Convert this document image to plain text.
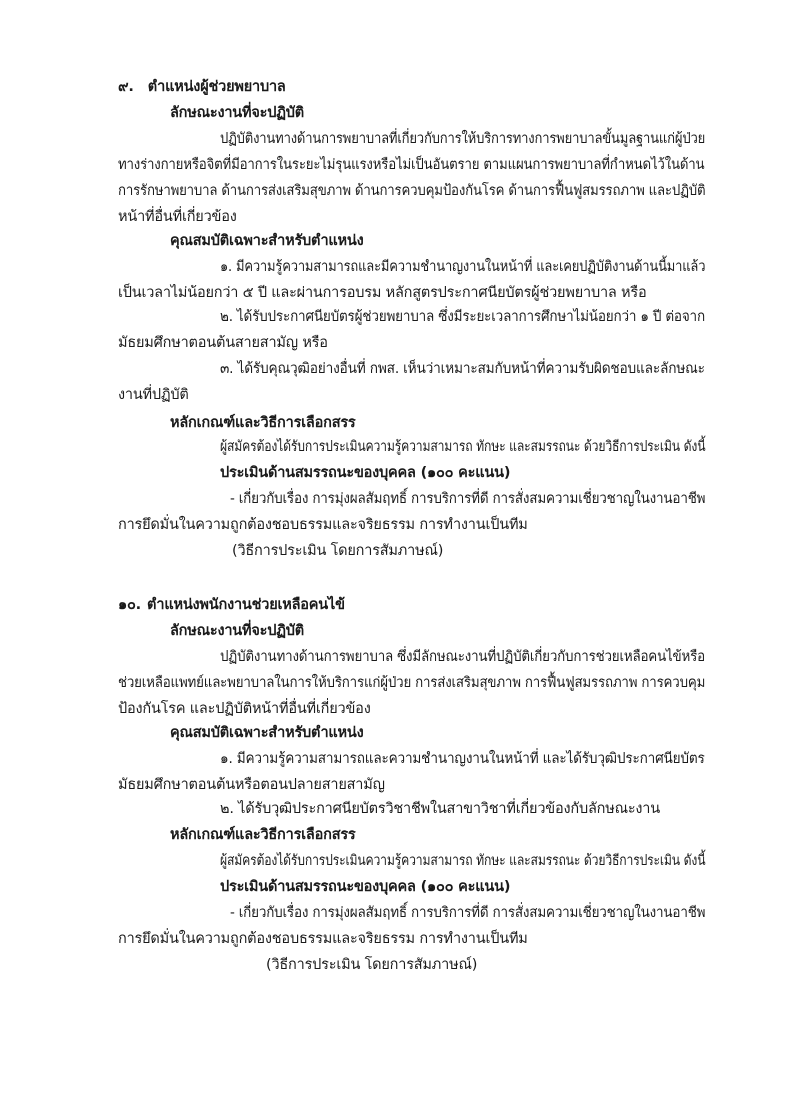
๙. ตำแหน่งผู้ช่วยพยาบาล
ลักษณะงานที่จะปฏิบัติ
ปฏิบัติงานทางด้านการพยาบาลที่เกี่ยวกับการให้บริการทางการพยาบาลขั้นมูลฐานแก่ผู้ป่วย
ทางร่างกายหรือจิตที่มีอาการในระยะไม่รุนแรงหรือไม่เป็นอันตราย ตามแผนการพยาบาลที่กำหนดไว้ในด้าน
การรักษาพยาบาล ด้านการส่งเสริมสุขภาพ ด้านการควบคุมป้องกันโรค ด้านการฟื้นฟูสมรรถภาพ และปฏิบัติ
หน้าที่อื่นที่เกี่ยวข้อง
คุณสมบัติเฉพาะสำหรับตำแหน่ง
๑. มีความรู้ความสามารถและมีความชำนาญงานในหน้าที่ และเคยปฏิบัติงานด้านนี้มาแล้ว
เป็นเวลาไม่น้อยกว่า ๕ ปี และผ่านการอบรม หลักสูตรประกาศนียบัตรผู้ช่วยพยาบาล หรือ
๒. ได้รับประกาศนียบัตรผู้ช่วยพยาบาล ซึ่งมีระยะเวลาการศึกษาไม่น้อยกว่า ๑ ปี ต่อจาก
มัธยมศึกษาตอนต้นสายสามัญ หรือ
๓. ได้รับคุณวุฒิอย่างอื่นที่ กพส. เห็นว่าเหมาะสมกับหน้าที่ความรับผิดชอบและลักษณะ
งานที่ปฏิบัติ
หลักเกณฑ์และวิธีการเลือกสรร
ผู้สมัครต้องได้รับการประเมินความรู้ความสามารถ ทักษะ และสมรรถนะ ด้วยวิธีการประเมิน ดังนี้
ประเมินด้านสมรรถนะของบุคคล (๑๐๐ คะแนน)
- เกี่ยวกับเรื่อง การมุ่งผลสัมฤทธิ์ การบริการที่ดี การสั่งสมความเชี่ยวชาญในงานอาชีพ
การยึดมั่นในความถูกต้องชอบธรรมและจริยธรรม การทำงานเป็นทีม
(วิธีการประเมิน โดยการสัมภาษณ์)
๑๐. ตำแหน่งพนักงานช่วยเหลือคนไข้
ลักษณะงานที่จะปฏิบัติ
ปฏิบัติงานทางด้านการพยาบาล ซึ่งมีลักษณะงานที่ปฏิบัติเกี่ยวกับการช่วยเหลือคนไข้หรือ
ช่วยเหลือแพทย์และพยาบาลในการให้บริการแก่ผู้ป่วย การส่งเสริมสุขภาพ การฟื้นฟูสมรรถภาพ การควบคุม
ป้องกันโรค และปฏิบัติหน้าที่อื่นที่เกี่ยวข้อง
คุณสมบัติเฉพาะสำหรับตำแหน่ง
๑. มีความรู้ความสามารถและความชำนาญงานในหน้าที่ และได้รับวุฒิประกาศนียบัตร
มัธยมศึกษาตอนต้นหรือตอนปลายสายสามัญ
๒. ได้รับวุฒิประกาศนียบัตรวิชาชีพในสาขาวิชาที่เกี่ยวข้องกับลักษณะงาน
หลักเกณฑ์และวิธีการเลือกสรร
ผู้สมัครต้องได้รับการประเมินความรู้ความสามารถ ทักษะ และสมรรถนะ ด้วยวิธีการประเมิน ดังนี้
ประเมินด้านสมรรถนะของบุคคล (๑๐๐ คะแนน)
- เกี่ยวกับเรื่อง การมุ่งผลสัมฤทธิ์ การบริการที่ดี การสั่งสมความเชี่ยวชาญในงานอาชีพ
การยึดมั่นในความถูกต้องชอบธรรมและจริยธรรม การทำงานเป็นทีม
(วิธีการประเมิน โดยการสัมภาษณ์)
